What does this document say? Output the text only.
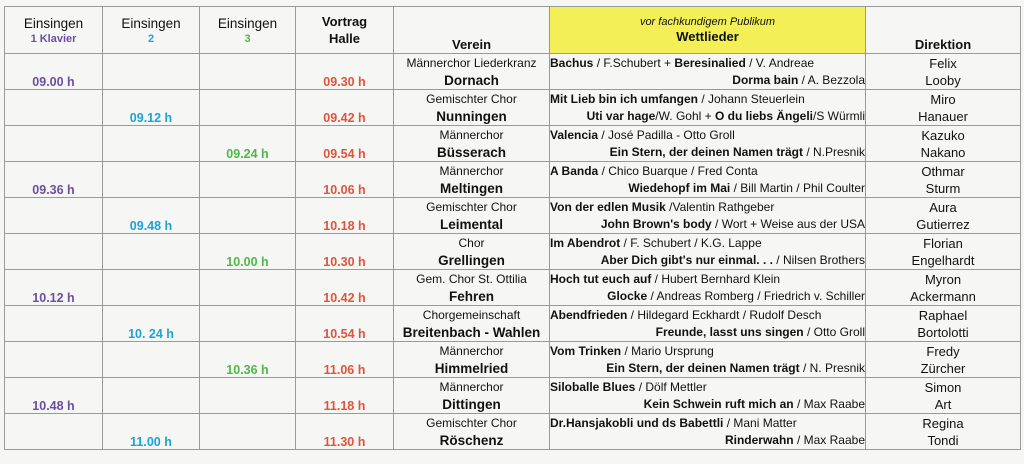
Einsingen
1 Klavier	Einsingen
2	Einsingen
3	Vortrag
Halle	Verein	vor fachkundigem Publikum
Wettlieder	Direktion

09.00 h			09.30 h	Männerchor Liederkranz
Dornach	Bachus / F.Schubert + Beresinalied / V. Andreae
Dorma bain / A. Bezzola	Felix
Looby

	09.12 h		09.42 h	Gemischter Chor
Nunningen	Mit Lieb bin ich umfangen / Johann Steuerlein
Uti var hage/W. Gohl + O du liebs Ängeli/S Würmli	Miro
Hanauer

		09.24 h	09.54 h	Männerchor
Büsserach	Valencia / José Padilla - Otto Groll
Ein Stern, der deinen Namen trägt / N.Presnik	Kazuko
Nakano

09.36 h			10.06 h	Männerchor
Meltingen	A Banda / Chico Buarque / Fred Conta
Wiedehopf im Mai / Bill Martin / Phil Coulter	Othmar
Sturm

	09.48 h		10.18 h	Gemischter Chor
Leimental	Von der edlen Musik /Valentin Rathgeber
John Brown's body / Wort + Weise aus der USA	Aura
Gutierrez

		10.00 h	10.30 h	Chor
Grellingen	Im Abendrot / F. Schubert / K.G. Lappe
Aber Dich gibt's nur einmal. . . / Nilsen Brothers	Florian
Engelhardt

10.12 h			10.42 h	Gem. Chor St. Ottilia
Fehren	Hoch tut euch auf / Hubert Bernhard Klein
Glocke / Andreas Romberg / Friedrich v. Schiller	Myron
Ackermann

	10. 24 h		10.54 h	Chorgemeinschaft
Breitenbach - Wahlen	Abendfrieden / Hildegard Eckhardt / Rudolf Desch
Freunde, lasst uns singen / Otto Groll	Raphael
Bortolotti

		10.36 h	11.06 h	Männerchor
Himmelried	Vom Trinken / Mario Ursprung
Ein Stern, der deinen Namen trägt / N. Presnik	Fredy
Zürcher

10.48 h			11.18 h	Männerchor
Dittingen	Siloballe Blues / Dölf Mettler
Kein Schwein ruft mich an / Max Raabe	Simon
Art

	11.00 h		11.30 h	Gemischter Chor
Röschenz	Dr.Hansjakobli und ds Babettli / Mani Matter
Rinderwahn / Max Raabe	Regina
Tondi
